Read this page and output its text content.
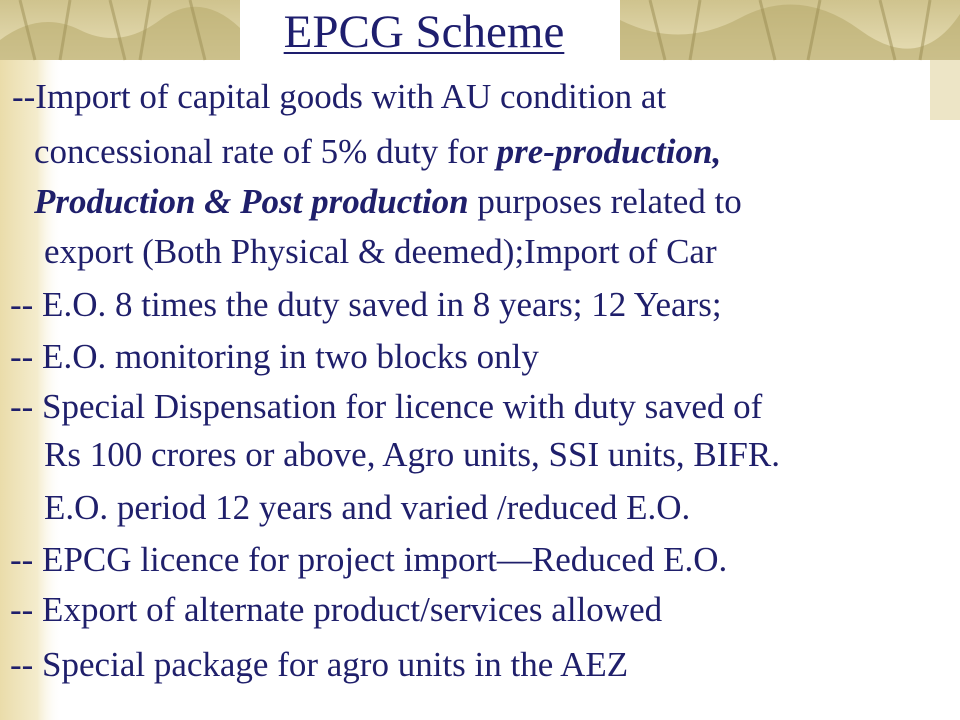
EPCG Scheme
--Import of capital goods with AU condition at
concessional rate of 5% duty for pre-production,
Production & Post production purposes related to
export (Both Physical & deemed);Import of Car
-- E.O. 8 times the duty saved in 8 years; 12 Years;
-- E.O. monitoring in two blocks only
-- Special Dispensation for licence with duty saved of
Rs 100 crores or above, Agro units, SSI units, BIFR.
E.O. period 12 years and varied /reduced E.O.
-- EPCG licence for project import—Reduced E.O.
-- Export of alternate product/services allowed
-- Special package for agro units in the AEZ
